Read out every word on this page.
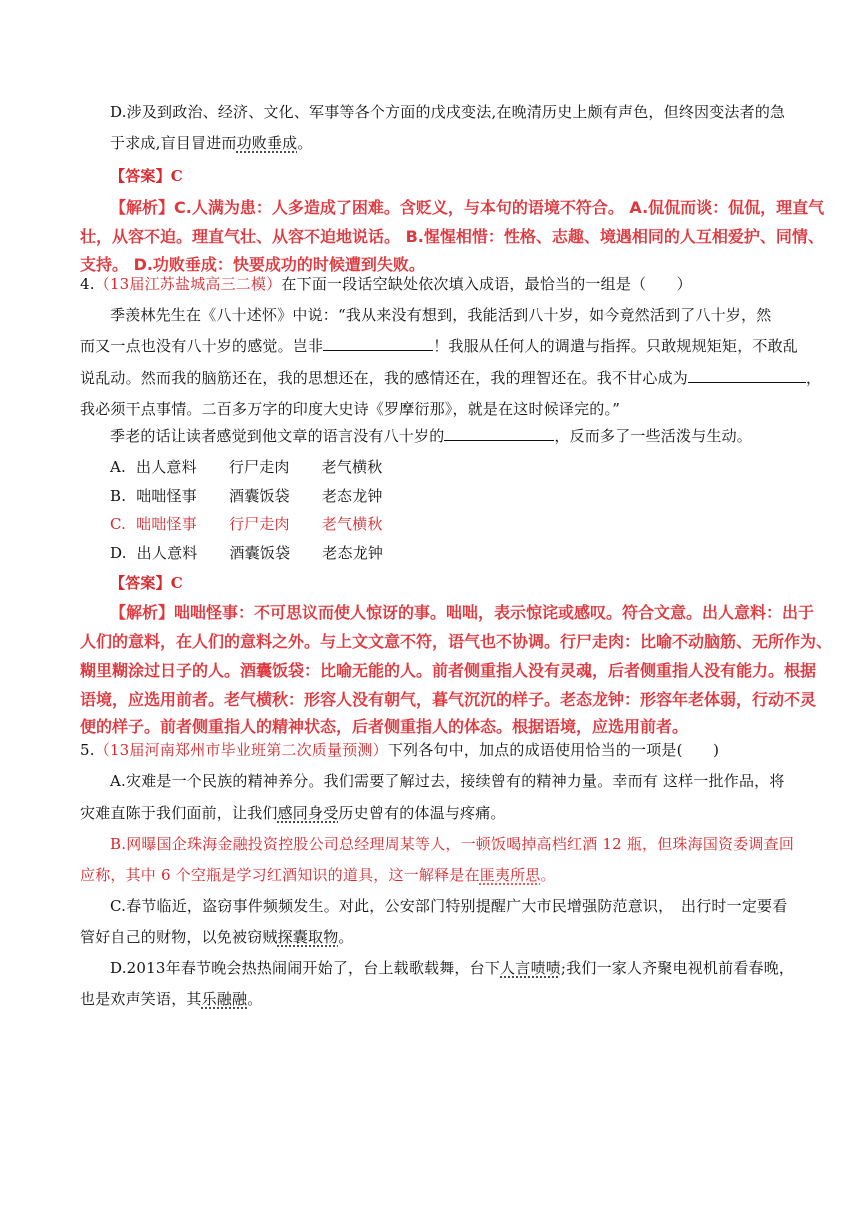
D.涉及到政治、经济、文化、军事等各个方面的戊戌变法,在晚清历史上颇有声色，但终因变法者的急
于求成,盲目冒进而功败垂成。
【答案】C
【解析】C.人满为患：人多造成了困难。含贬义，与本句的语境不符合。 A.侃侃而谈：侃侃，理直气
壮，从容不迫。理直气壮、从容不迫地说话。 B.惺惺相惜：性格、志趣、境遇相同的人互相爱护、同情、
支持。 D.功败垂成：快要成功的时候遭到失败。
4.（13届江苏盐城高三二模）在下面一段话空缺处依次填入成语，最恰当的一组是（　　）
季羡林先生在《八十述怀》中说：“我从来没有想到，我能活到八十岁，如今竟然活到了八十岁，然
而又一点也没有八十岁的感觉。岂非	！我服从任何人的调遣与指挥。只敢规规矩矩，不敢乱
说乱动。然而我的脑筋还在，我的思想还在，我的感情还在，我的理智还在。我不甘心成为	，
我必须干点事情。二百多万字的印度大史诗《罗摩衍那》，就是在这时候译完的。”
季老的话让读者感觉到他文章的语言没有八十岁的	，反而多了一些活泼与生动。
A. 出人意料 行尸走肉 老气横秋
B. 咄咄怪事 酒囊饭袋 老态龙钟
C. 咄咄怪事 行尸走肉 老气横秋
D. 出人意料 酒囊饭袋 老态龙钟
【答案】C
【解析】咄咄怪事：不可思议而使人惊讶的事。咄咄，表示惊诧或感叹。符合文意。出人意料：出于
人们的意料，在人们的意料之外。与上文文意不符，语气也不协调。行尸走肉：比喻不动脑筋、无所作为、
糊里糊涂过日子的人。酒囊饭袋：比喻无能的人。前者侧重指人没有灵魂，后者侧重指人没有能力。根据
语境，应选用前者。老气横秋：形容人没有朝气，暮气沉沉的样子。老态龙钟：形容年老体弱，行动不灵
便的样子。前者侧重指人的精神状态，后者侧重指人的体态。根据语境，应选用前者。
5.（13届河南郑州市毕业班第二次质量预测）下列各句中，加点的成语使用恰当的一项是(　　)
A.灾难是一个民族的精神养分。我们需要了解过去，接续曾有的精神力量。幸而有 这样一批作品，将
灾难直陈于我们面前，让我们感同身受历史曾有的体温与疼痛。
B.网曝国企珠海金融投资控股公司总经理周某等人，一顿饭喝掉高档红酒 12 瓶，但珠海国资委调查回
应称，其中 6 个空瓶是学习红酒知识的道具，这一解释是在匪夷所思。
C.春节临近，盗窃事件频频发生。对此，公安部门特别提醒广大市民增强防范意识，　出行时一定要看
管好自己的财物，以免被窃贼探囊取物。
D.2013年春节晚会热热闹闹开始了，台上载歌载舞，台下人言啧啧;我们一家人齐聚电视机前看春晚，
也是欢声笑语，其乐融融。
